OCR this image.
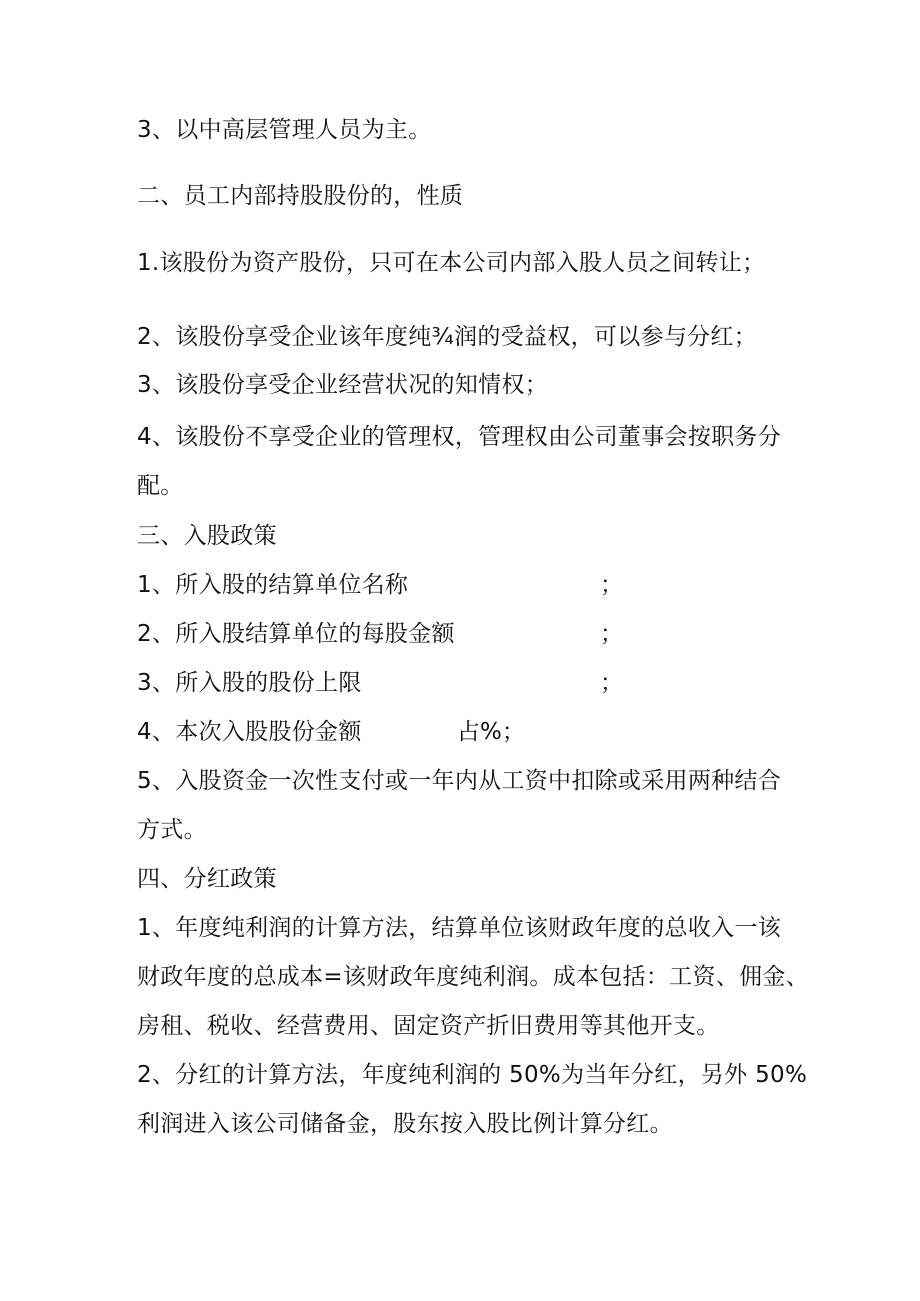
3、以中高层管理人员为主。
二、员工内部持股股份的，性质
1.该股份为资产股份，只可在本公司内部入股人员之间转让；
2、该股份享受企业该年度纯¾润的受益权，可以参与分红；
3、该股份享受企业经营状况的知情权；
4、该股份不享受企业的管理权，管理权由公司董事会按职务分
配。
三、入股政策
1、所入股的结算单位名称	；
2、所入股结算单位的每股金额	；
3、所入股的股份上限	；
4、本次入股股份金额	占%；
5、入股资金一次性支付或一年内从工资中扣除或采用两种结合
方式。
四、分红政策
1、年度纯利润的计算方法，结算单位该财政年度的总收入一该
财政年度的总成本=该财政年度纯利润。成本包括：工资、佣金、
房租、税收、经营费用、固定资产折旧费用等其他开支。
2、分红的计算方法，年度纯利润的 50%为当年分红，另外 50%
利润进入该公司储备金，股东按入股比例计算分红。
